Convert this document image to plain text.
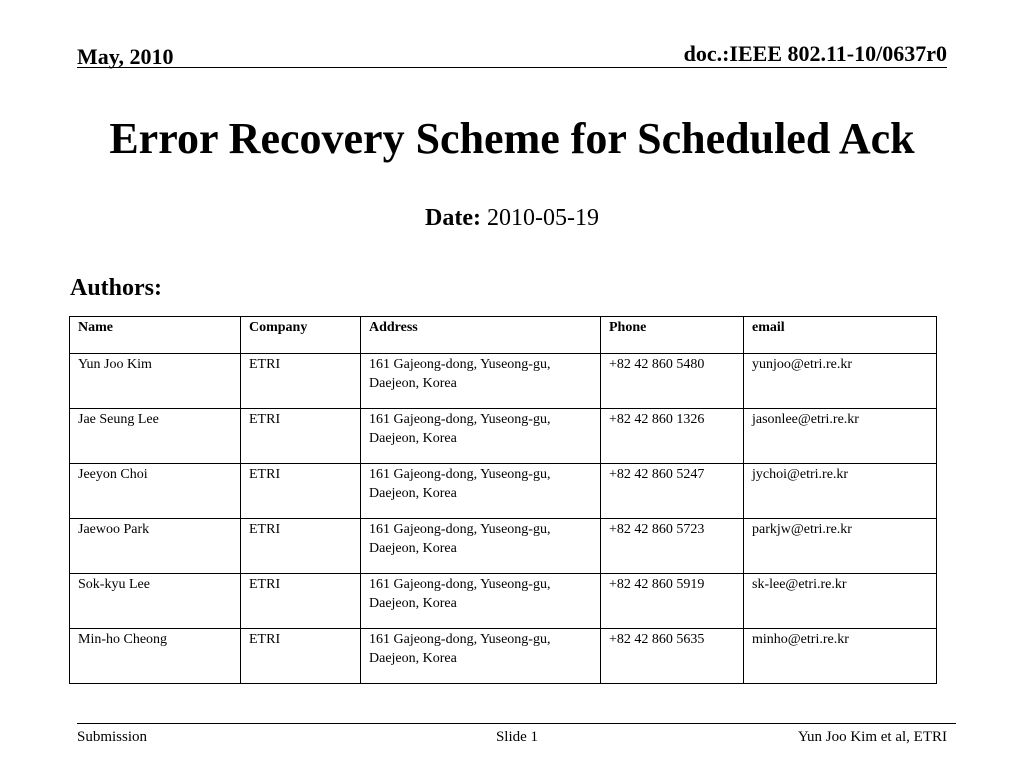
May, 2010	doc.:IEEE 802.11-10/0637r0
Error Recovery Scheme for Scheduled Ack
Date: 2010-05-19
Authors:
Name	Company	Address	Phone	email
Yun Joo Kim	ETRI	161 Gajeong-dong, Yuseong-gu, Daejeon, Korea	+82 42 860 5480	yunjoo@etri.re.kr
Jae Seung Lee	ETRI	161 Gajeong-dong, Yuseong-gu, Daejeon, Korea	+82 42 860 1326	jasonlee@etri.re.kr
Jeeyon Choi	ETRI	161 Gajeong-dong, Yuseong-gu, Daejeon, Korea	+82 42 860 5247	jychoi@etri.re.kr
Jaewoo Park	ETRI	161 Gajeong-dong, Yuseong-gu, Daejeon, Korea	+82 42 860 5723	parkjw@etri.re.kr
Sok-kyu Lee	ETRI	161 Gajeong-dong, Yuseong-gu, Daejeon, Korea	+82 42 860 5919	sk-lee@etri.re.kr
Min-ho Cheong	ETRI	161 Gajeong-dong, Yuseong-gu, Daejeon, Korea	+82 42 860 5635	minho@etri.re.kr
Submission	Slide 1	Yun Joo Kim et al, ETRI
